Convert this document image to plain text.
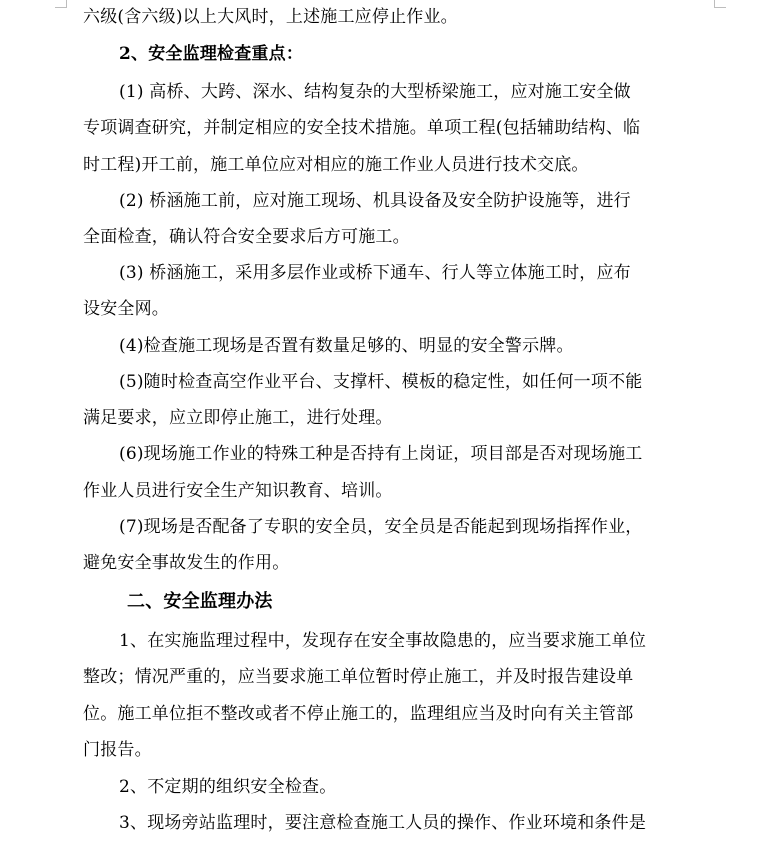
六级(含六级)以上大风时，上述施工应停止作业。
2、安全监理检查重点：
(1) 高桥、大跨、深水、结构复杂的大型桥梁施工，应对施工安全做
专项调查研究，并制定相应的安全技术措施。单项工程(包括辅助结构、临
时工程)开工前，施工单位应对相应的施工作业人员进行技术交底。
(2) 桥涵施工前，应对施工现场、机具设备及安全防护设施等，进行
全面检查，确认符合安全要求后方可施工。
(3) 桥涵施工，采用多层作业或桥下通车、行人等立体施工时，应布
设安全网。
(4)检查施工现场是否置有数量足够的、明显的安全警示牌。
(5)随时检查高空作业平台、支撑杆、模板的稳定性，如任何一项不能
满足要求，应立即停止施工，进行处理。
(6)现场施工作业的特殊工种是否持有上岗证，项目部是否对现场施工
作业人员进行安全生产知识教育、培训。
(7)现场是否配备了专职的安全员，安全员是否能起到现场指挥作业，
避免安全事故发生的作用。
二、安全监理办法
1、在实施监理过程中，发现存在安全事故隐患的，应当要求施工单位
整改；情况严重的，应当要求施工单位暂时停止施工，并及时报告建设单
位。施工单位拒不整改或者不停止施工的，监理组应当及时向有关主管部
门报告。
2、不定期的组织安全检查。
3、现场旁站监理时，要注意检查施工人员的操作、作业环境和条件是
